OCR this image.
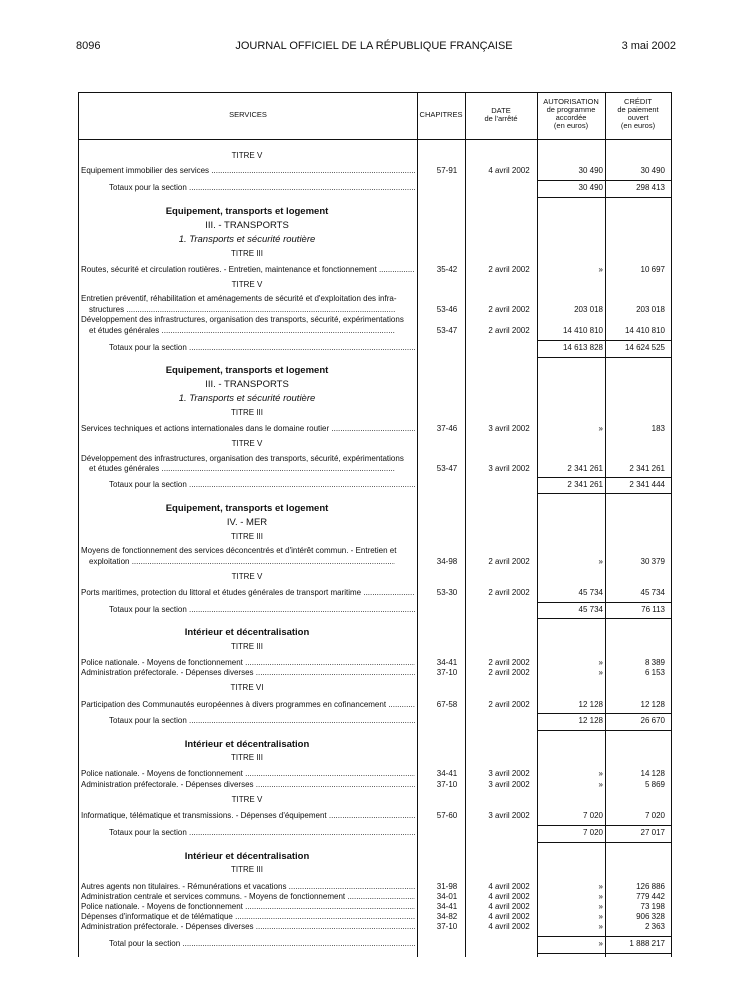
8096	JOURNAL OFFICIEL DE LA RÉPUBLIQUE FRANÇAISE	3 mai 2002
SERVICES	CHAPITRES	DATE
de l'arrêté
AUTORISATION
de programme
accordée
(en euros)
CRÉDIT
de paiement
ouvert
(en euros)
TITRE V
Equipement immobilier des services .....	57-91	4 avril 2002	30 490	30 490
Totaux pour la section .....	30 490	298 413
Equipement, transports et logement
III. - TRANSPORTS
1. Transports et sécurité routière
TITRE III
Routes, sécurité et circulation routières. - Entretien, maintenance et fonctionnement .....	35-42	2 avril 2002	»	10 697
TITRE V
Entretien préventif, réhabilitation et aménagements de sécurité et d'exploitation des infra-
structures .....	53-46	2 avril 2002	203 018	203 018
Développement des infrastructures, organisation des transports, sécurité, expérimentations
et études générales .....	53-47	2 avril 2002	14 410 810	14 410 810
Totaux pour la section .....	14 613 828	14 624 525
Equipement, transports et logement
III. - TRANSPORTS
1. Transports et sécurité routière
TITRE III
Services techniques et actions internationales dans le domaine routier .....	37-46	3 avril 2002	»	183
TITRE V
Développement des infrastructures, organisation des transports, sécurité, expérimentations
et études générales .....	53-47	3 avril 2002	2 341 261	2 341 261
Totaux pour la section .....	2 341 261	2 341 444
Equipement, transports et logement
IV. - MER
TITRE III
Moyens de fonctionnement des services déconcentrés et d'intérêt commun. - Entretien et
exploitation .....	34-98	2 avril 2002	»	30 379
TITRE V
Ports maritimes, protection du littoral et études générales de transport maritime .....	53-30	2 avril 2002	45 734	45 734
Totaux pour la section .....	45 734	76 113
Intérieur et décentralisation
TITRE III
Police nationale. - Moyens de fonctionnement .....	34-41	2 avril 2002	»	8 389
Administration préfectorale. - Dépenses diverses .....	37-10	2 avril 2002	»	6 153
TITRE VI
Participation des Communautés européennes à divers programmes en cofinancement .....	67-58	2 avril 2002	12 128	12 128
Totaux pour la section .....	12 128	26 670
Intérieur et décentralisation
TITRE III
Police nationale. - Moyens de fonctionnement .....	34-41	3 avril 2002	»	14 128
Administration préfectorale. - Dépenses diverses .....	37-10	3 avril 2002	»	5 869
TITRE V
Informatique, télématique et transmissions. - Dépenses d'équipement .....	57-60	3 avril 2002	7 020	7 020
Totaux pour la section .....	7 020	27 017
Intérieur et décentralisation
TITRE III
Autres agents non titulaires. - Rémunérations et vacations .....	31-98	4 avril 2002	»	126 886
Administration centrale et services communs. - Moyens de fonctionnement .....	34-01	4 avril 2002	»	779 442
Police nationale. - Moyens de fonctionnement .....	34-41	4 avril 2002	»	73 198
Dépenses d'informatique et de télématique .....	34-82	4 avril 2002	»	906 328
Administration préfectorale. - Dépenses diverses .....	37-10	4 avril 2002	»	2 363
Total pour la section .....	»	1 888 217
